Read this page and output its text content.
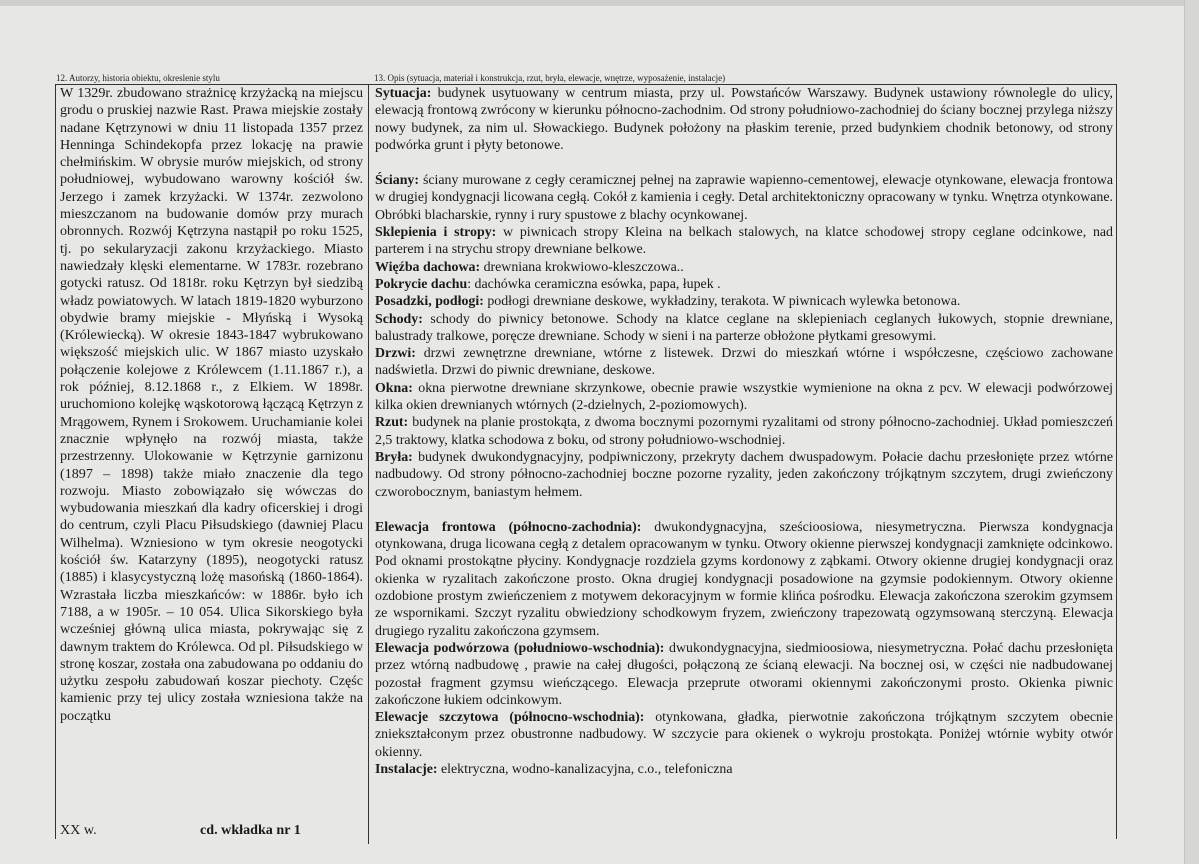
12. Autorzy, historia obiektu, okreslenie stylu	13. Opis (sytuacja, materiał i konstrukcja, rzut, bryła, elewacje, wnętrze, wyposażenie, instalacje)

W 1329r. zbudowano strażnicę krzyżacką na miejscu grodu o pruskiej nazwie Rast. Prawa miejskie zostały nadane Kętrzynowi w dniu 11 listopada 1357 przez Henninga Schindekopfa przez lokację na prawie chełmińskim. W obrysie murów miejskich, od strony południowej, wybudowano warowny kościół św. Jerzego i zamek krzyżacki. W 1374r. zezwolono mieszczanom na budowanie domów przy murach obronnych. Rozwój Kętrzyna nastąpił po roku 1525, tj. po sekularyzacji zakonu krzyżackiego. Miasto nawiedzały klęski elementarne. W 1783r. rozebrano gotycki ratusz. Od 1818r. roku Kętrzyn był siedzibą władz powiatowych. W latach 1819-1820 wyburzono obydwie bramy miejskie - Młyńską i Wysoką (Królewiecką). W okresie 1843-1847 wybrukowano większość miejskich ulic. W 1867 miasto uzyskało połączenie kolejowe z Królewcem (1.11.1867 r.), a rok później, 8.12.1868 r., z Elkiem. W 1898r. uruchomiono kolejkę wąskotorową łączącą Kętrzyn z Mrągowem, Rynem i Srokowem. Uruchamianie kolei znacznie wpłynęło na rozwój miasta, także przestrzenny. Ulokowanie w Kętrzynie garnizonu (1897 – 1898) także miało znaczenie dla tego rozwoju. Miasto zobowiązało się wówczas do wybudowania mieszkań dla kadry oficerskiej i drogi do centrum, czyli Placu Piłsudskiego (dawniej Placu Wilhelma). Wzniesiono w tym okresie neogotycki kościół św. Katarzyny (1895), neogotycki ratusz (1885) i klasycystyczną lożę masońską (1860-1864). Wzrastała liczba mieszkańców: w 1886r. było ich 7188, a w 1905r. – 10 054. Ulica Sikorskiego była wcześniej główną ulica miasta, pokrywając się z dawnym traktem do Królewca. Od pl. Piłsudskiego w stronę koszar, została ona zabudowana po oddaniu do użytku zespołu zabudowań koszar piechoty. Częśc kamienic przy tej ulicy została wzniesiona także na początku

XX w.	cd. wkładka nr 1

Sytuacja: budynek usytuowany w centrum miasta, przy ul. Powstańców Warszawy. Budynek ustawiony równolegle do ulicy, elewacją frontową zwrócony w kierunku północno-zachodnim. Od strony południowo-zachodniej do ściany bocznej przylega niższy nowy budynek, za nim ul. Słowackiego. Budynek położony na płaskim terenie, przed budynkiem chodnik betonowy, od strony podwórka grunt i płyty betonowe.

Ściany: ściany murowane z cegły ceramicznej pełnej na zaprawie wapienno-cementowej, elewacje otynkowane, elewacja frontowa w drugiej kondygnacji licowana cegłą. Cokół z kamienia i cegły. Detal architektoniczny opracowany w tynku. Wnętrza otynkowane. Obróbki blacharskie, rynny i rury spustowe z blachy ocynkowanej.

Sklepienia i stropy: w piwnicach stropy Kleina na belkach stalowych, na klatce schodowej stropy ceglane odcinkowe, nad parterem i na strychu stropy drewniane belkowe.

Więźba dachowa: drewniana krokwiowo-kleszczowa..

Pokrycie dachu: dachówka ceramiczna esówka, papa, łupek .

Posadzki, podłogi: podłogi drewniane deskowe, wykładziny, terakota. W piwnicach wylewka betonowa.

Schody: schody do piwnicy betonowe. Schody na klatce ceglane na sklepieniach ceglanych łukowych, stopnie drewniane, balustrady tralkowe, poręcze drewniane. Schody w sieni i na parterze obłożone płytkami gresowymi.

Drzwi: drzwi zewnętrzne drewniane, wtórne z listewek. Drzwi do mieszkań wtórne i współczesne, częściowo zachowane nadświetla. Drzwi do piwnic drewniane, deskowe.

Okna: okna pierwotne drewniane skrzynkowe, obecnie prawie wszystkie wymienione na okna z pcv. W elewacji podwórzowej kilka okien drewnianych wtórnych (2-dzielnych, 2-poziomowych).

Rzut: budynek na planie prostokąta, z dwoma bocznymi pozornymi ryzalitami od strony północno-zachodniej. Układ pomieszczeń 2,5 traktowy, klatka schodowa z boku, od strony południowo-wschodniej.

Bryła: budynek dwukondygnacyjny, podpiwniczony, przekryty dachem dwuspadowym. Połacie dachu przesłonięte przez wtórne nadbudowy. Od strony północno-zachodniej boczne pozorne ryzality, jeden zakończony trójkątnym szczytem, drugi zwieńczony czworobocznym, baniastym hełmem.

Elewacja frontowa (północno-zachodnia): dwukondygnacyjna, sześcioosiowa, niesymetryczna. Pierwsza kondygnacja otynkowana, druga licowana cegłą z detalem opracowanym w tynku. Otwory okienne pierwszej kondygnacji zamknięte odcinkowo. Pod oknami prostokątne płyciny. Kondygnacje rozdziela gzyms kordonowy z ząbkami. Otwory okienne drugiej kondygnacji oraz okienka w ryzalitach zakończone prosto. Okna drugiej kondygnacji posadowione na gzymsie podokiennym. Otwory okienne ozdobione prostym zwieńczeniem z motywem dekoracyjnym w formie klińca pośrodku. Elewacja zakończona szerokim gzymsem ze wspornikami. Szczyt ryzalitu obwiedziony schodkowym fryzem, zwieńczony trapezowatą ogzymsowaną sterczyną. Elewacja drugiego ryzalitu zakończona gzymsem.

Elewacja podwórzowa (południowo-wschodnia): dwukondygnacyjna, siedmioosiowa, niesymetryczna. Połać dachu przesłonięta przez wtórną nadbudowę , prawie na całej długości, połączoną ze ścianą elewacji. Na bocznej osi, w części nie nadbudowanej pozostał fragment gzymsu wieńczącego. Elewacja przeprute otworami okiennymi zakończonymi prosto. Okienka piwnic zakończone łukiem odcinkowym.

Elewacje szczytowa (północno-wschodnia): otynkowana, gładka, pierwotnie zakończona trójkątnym szczytem obecnie zniekształconym przez obustronne nadbudowy. W szczycie para okienek o wykroju prostokąta. Poniżej wtórnie wybity otwór okienny.

Instalacje: elektryczna, wodno-kanalizacyjna, c.o., telefoniczna
